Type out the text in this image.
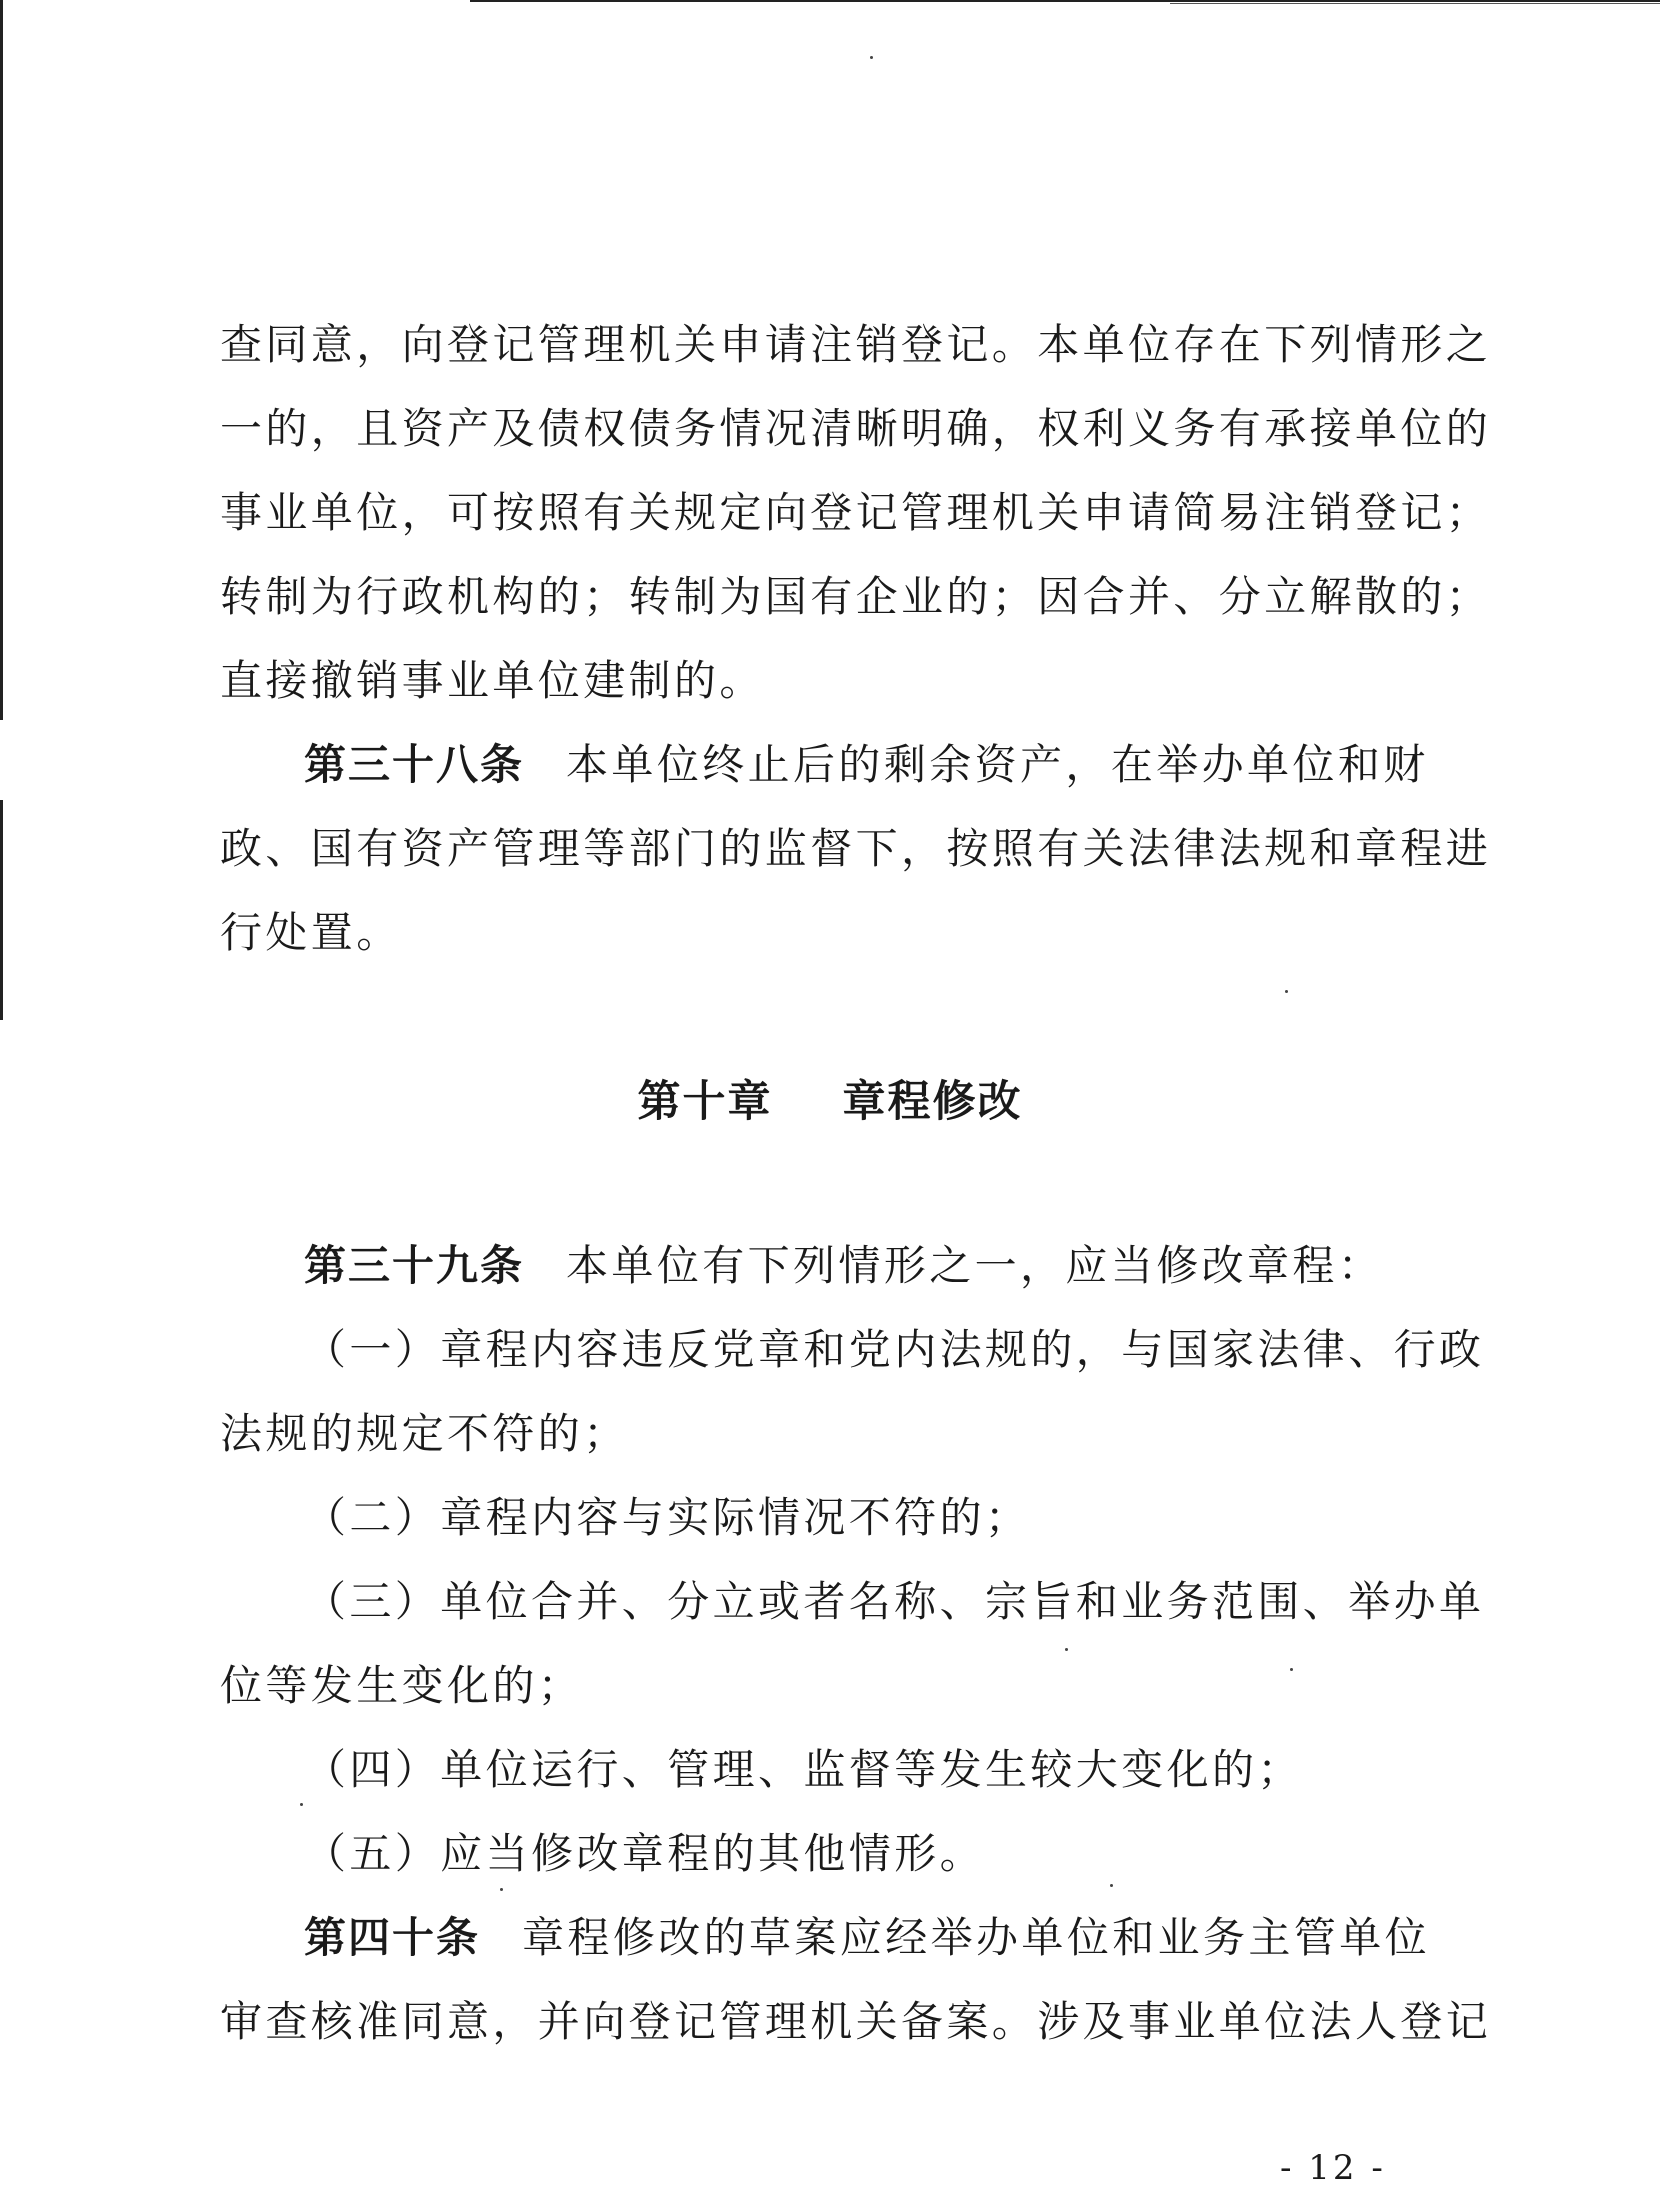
查同意，向登记管理机关申请注销登记。本单位存在下列情形之
一的，且资产及债权债务情况清晰明确，权利义务有承接单位的
事业单位，可按照有关规定向登记管理机关申请简易注销登记；
转制为行政机构的；转制为国有企业的；因合并、分立解散的；
直接撤销事业单位建制的。
第三十八条 本单位终止后的剩余资产，在举办单位和财
政、国有资产管理等部门的监督下，按照有关法律法规和章程进
行处置。
第十章 章程修改
第三十九条 本单位有下列情形之一，应当修改章程：
（一）章程内容违反党章和党内法规的，与国家法律、行政
法规的规定不符的；
（二）章程内容与实际情况不符的；
（三）单位合并、分立或者名称、宗旨和业务范围、举办单
位等发生变化的；
（四）单位运行、管理、监督等发生较大变化的；
（五）应当修改章程的其他情形。
第四十条 章程修改的草案应经举办单位和业务主管单位
审查核准同意，并向登记管理机关备案。涉及事业单位法人登记
- 12 -
